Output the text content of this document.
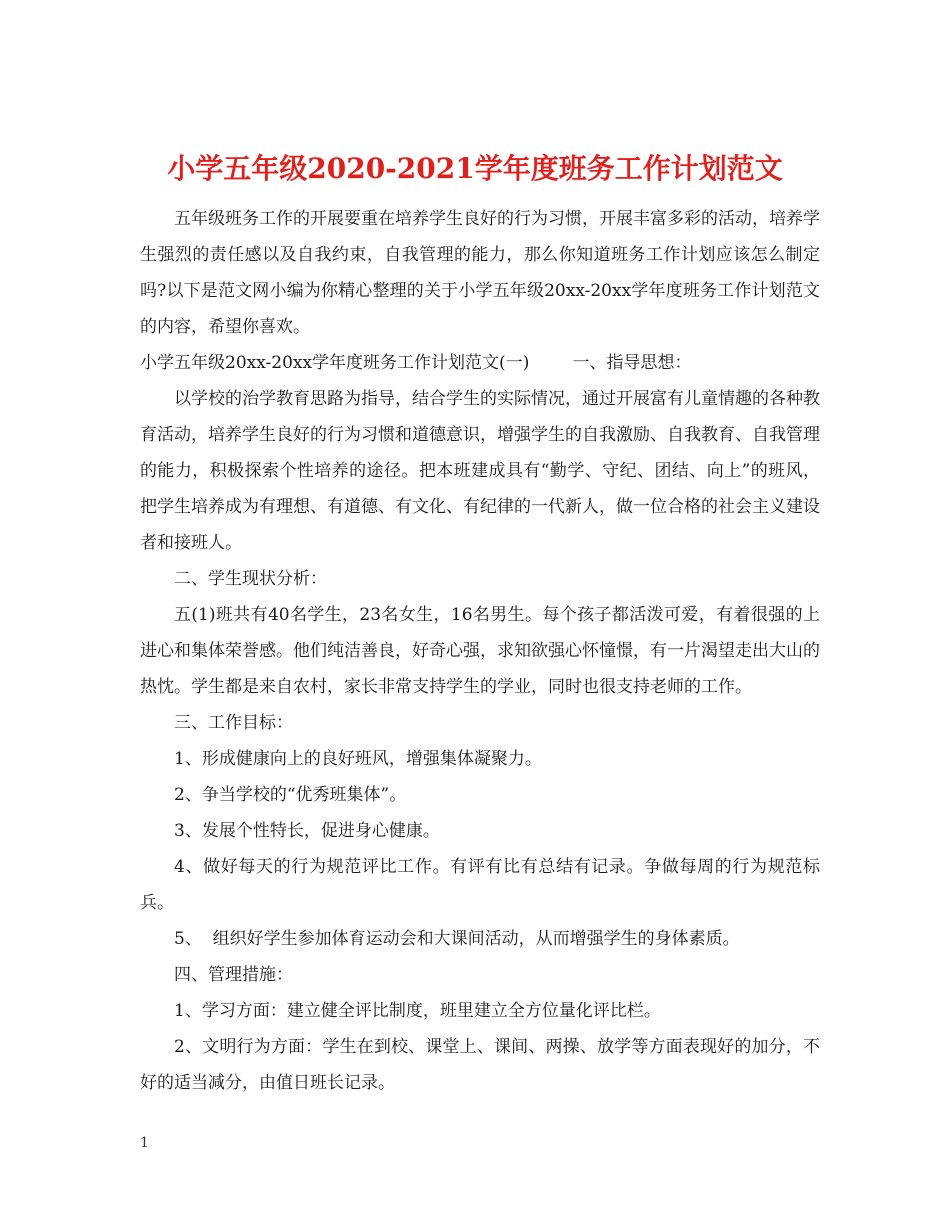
小学五年级2020-2021学年度班务工作计划范文

五年级班务工作的开展要重在培养学生良好的行为习惯，开展丰富多彩的活动，培养学生强烈的责任感以及自我约束，自我管理的能力，那么你知道班务工作计划应该怎么制定吗?以下是范文网小编为你精心整理的关于小学五年级20xx-20xx学年度班务工作计划范文的内容，希望你喜欢。

小学五年级20xx-20xx学年度班务工作计划范文(一)	一、指导思想：

以学校的治学教育思路为指导，结合学生的实际情况，通过开展富有儿童情趣的各种教育活动，培养学生良好的行为习惯和道德意识，增强学生的自我激励、自我教育、自我管理的能力，积极探索个性培养的途径。把本班建成具有“勤学、守纪、团结、向上”的班风，把学生培养成为有理想、有道德、有文化、有纪律的一代新人，做一位合格的社会主义建设者和接班人。

二、学生现状分析：

五(1)班共有40名学生，23名女生，16名男生。每个孩子都活泼可爱，有着很强的上进心和集体荣誉感。他们纯洁善良，好奇心强，求知欲强心怀憧憬，有一片渴望走出大山的热忱。学生都是来自农村，家长非常支持学生的学业，同时也很支持老师的工作。

三、工作目标：

1、形成健康向上的良好班风，增强集体凝聚力。

2、争当学校的“优秀班集体”。

3、发展个性特长，促进身心健康。

4、做好每天的行为规范评比工作。有评有比有总结有记录。争做每周的行为规范标兵。

5、  组织好学生参加体育运动会和大课间活动，从而增强学生的身体素质。

四、管理措施：

1、学习方面：建立健全评比制度，班里建立全方位量化评比栏。

2、文明行为方面：学生在到校、课堂上、课间、两操、放学等方面表现好的加分，不好的适当减分，由值日班长记录。

1
